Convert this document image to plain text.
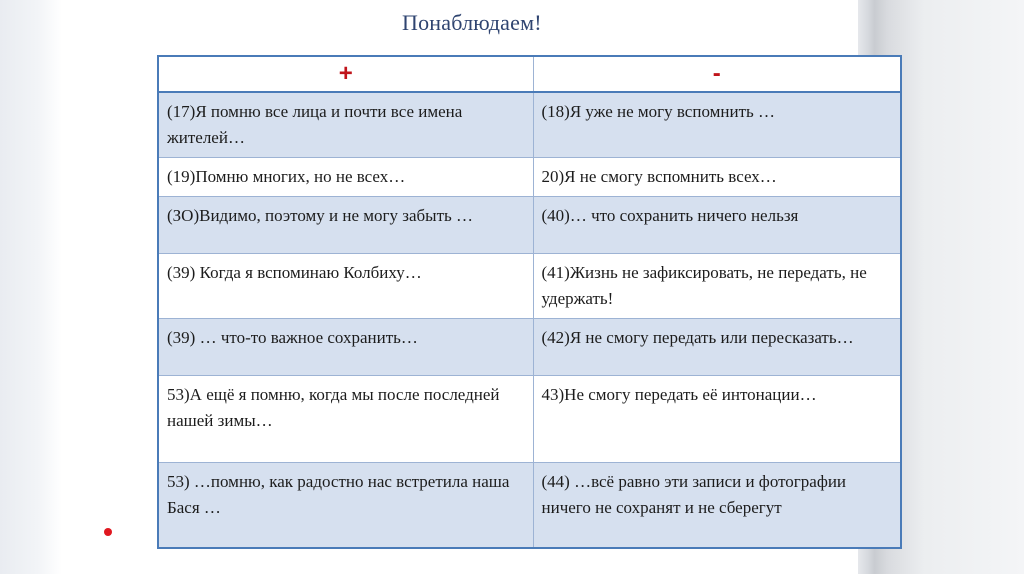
Понаблюдаем!
+	-
(17)Я помню все лица и почти все имена жителей…	(18)Я уже не могу вспомнить …
(19)Помню многих, но не всех…	20)Я не смогу вспомнить всех…
(ЗО)Видимо, поэтому и не могу забыть …	(40)… что сохранить ничего нельзя
(39) Когда я вспоминаю Колбиху…	(41)Жизнь не зафиксировать, не передать, не удержать!
(39) … что-то важное сохранить…	(42)Я не смогу передать или пересказать…
53)А ещё я помню, когда мы после последней нашей зимы…	43)Не смогу передать её интонации…
53) …помню, как радостно нас встретила наша Бася …	(44) …всё равно эти записи и фотографии ничего не сохранят и не сберегут
